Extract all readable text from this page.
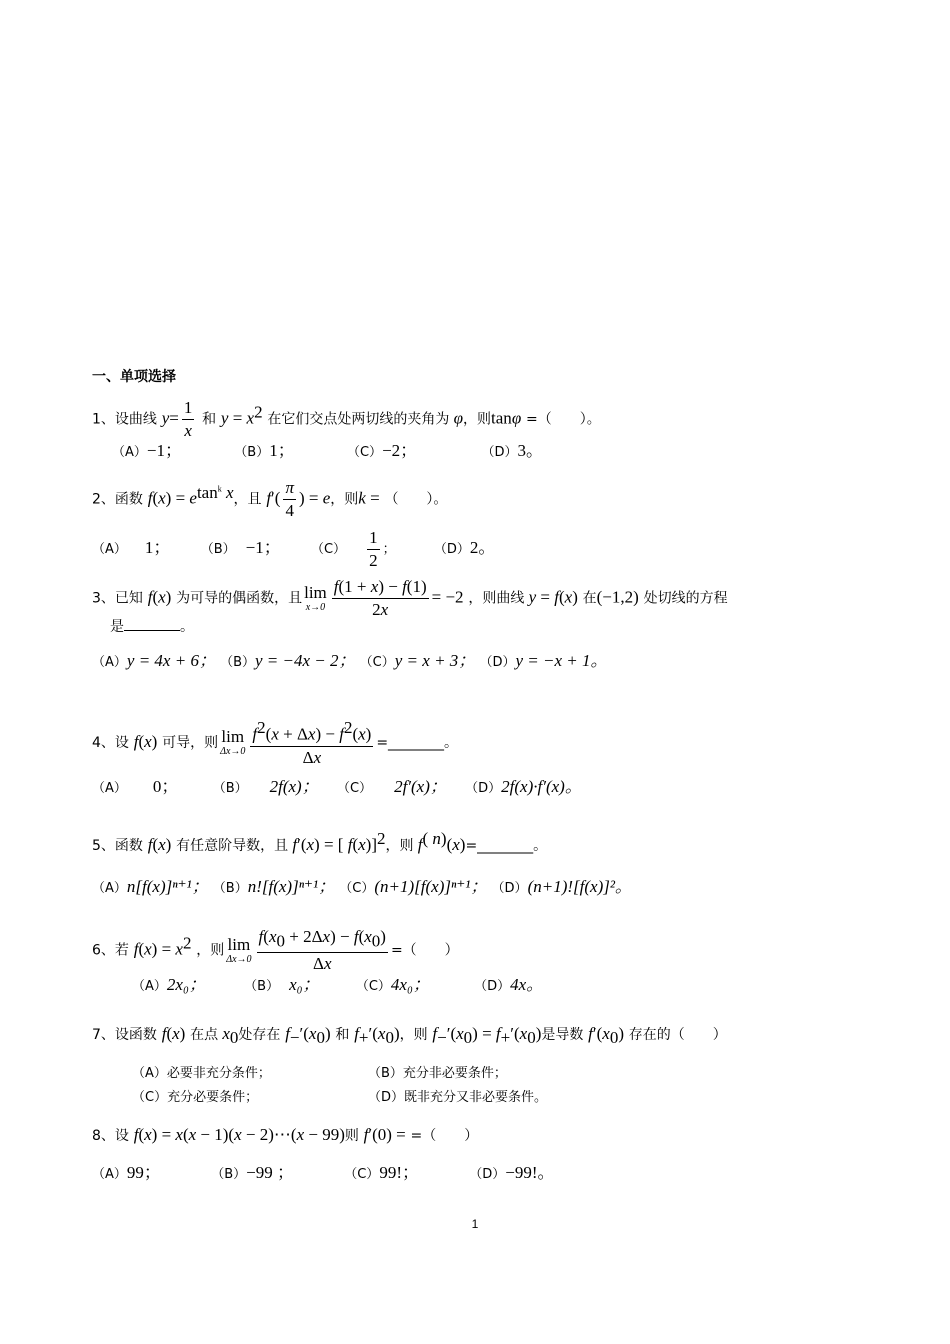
一、单项选择
1、设曲线 $y= \frac{1}{x}$ 和 $y = x^2$ 在它们交点处两切线的夹角为 φ，则tanφ =（　　）。
（A）−1；	（B）1；	（C）−2；	（D）3。
2、函数 $f(x) = e^{tan^k x}$，且 $f'( \frac{\pi}{4}$ ) = e，则k = （　　）。
（A） 1； （B） −1； $(C) \frac{1}{2}$ ；	（D）2。
3、已知 f(x) 为可导的偶函数，且 lim
$x\to 0 \frac{f(1 + x) - f(1)}{2x} = -2$ ，则曲线 y = f(x) 在(−1,2) 处切线的方程
是	。
（A）y = 4x + 6； （B）y = −4x − 2； （C）y = x + 3； （D）y = −x + 1。
4、设 f(x) 可导，则 lim
$\Delta x\to 0 \frac{f^2(x + \Delta x) - f^2(x)}{\Delta x}$ =________。
（A） 0；	（B） 2f(x)； （C） 2f′(x)； （D）2f(x)·f′(x)。
5、函数 f(x) 有任意阶导数，且 f′(x) = [ f(x)]$^2$，则 $f^{( n)}(x)=\_\_\_\_\_\_\_\_$。
（A）n[f(x)]ⁿ⁺¹； （B）n![f(x)]ⁿ⁺¹； （C）(n+1)[f(x)]ⁿ⁺¹； （D）(n+1)![f(x)]²。
6、若 $f(x) = x^2$ ，则 lim
$\Delta x\to 0 \frac{f(x_0 + 2\Delta x) - f(x_0)}{\Delta x}$ =（　　）
（A）2x₀；	（B） x₀；	（C）4x₀；	（D）4x。
7、设函数 f(x) 在点 $x_0$处存在 $f_-'(x_0)$ 和 $f_+'(x_0)$，则 $f_-'(x_0) = f_+'(x_0)$是导数 $f'(x_0)$ 存在的（　　）
（A）必要非充分条件；	（B）充分非必要条件；
（C）充分必要条件；	（D）既非充分又非必要条件。
8、设 f(x) = x(x − 1)(x − 2)⋯(x − 99)则 f′(0) = =（　　）
（A）99；	（B）−99 ；	（C）99!；	（D）−99!。
1
